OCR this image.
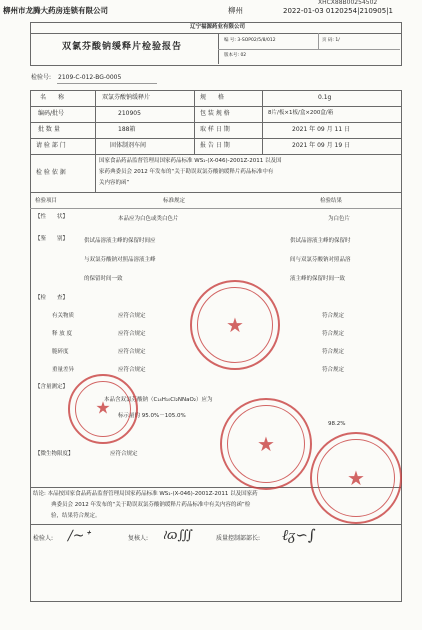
柳州市龙腾大药房连锁有限公司	柳州
XHCX88B002545​02
2022-01-03 0120254|210905|1
辽宁福源药业有限公司
双氯芬酸钠缓释片检验报告
编 号: 3-SOP02/5/8/012	页 码: 1/
版本号: 02
检验号: 2109-C-012-BG-0005
名　　称	双氯芬酸钠缓释片	规　　格	0.1g
编码/批号	210905	包 装 规 格	8片/板×1板/盒×200盒/箱
批 数 量	188箱	取 样 日 期	2021 年 09 月 11 日
请 验 部 门	固体制剂车间	报 告 日 期	2021 年 09 月 19 日
检 验 依 据
国家食品药品监督管理局国家药品标准 WS₁-(X-046)-2001Z-2011 以及国
家药典委员会 2012 年发布的“关于勘误双氯芬酸钠缓释片药品标准中有
关内容的函”
检验项目	标准规定	检验结果
【性　　状】	本品应为白色或类白色片	为白色片
【鉴　　别】	供试品溶液主峰的保留时间应
与双氯芬酸钠对照品溶液主峰
的保留时间一致
供试品溶液主峰的保留时
间与双氯芬酸钠对照品溶
液主峰的保留时间一致
【检　　查】
有关物质	应符合规定	符合规定
释 放 度	应符合规定	符合规定
脆碎度	应符合规定	符合规定
重量差异	应符合规定	符合规定
【含量测定】
本品含双氯芬酸钠（C₁₄H₁₀Cl₂NNaO₂）应为
标示量的 95.0%－105.0%
98.2%
【微生物限度】	应符合规定
结论: 本品按国家食品药品监督管理局国家药品标准 WS₁-(X-046)-2001Z-2011 以及国家药
典委员会 2012 年发布的“关于勘误双氯芬酸钠缓释片药品标准中有关内容的函”检
验，结果符合规定。
检验人: ∕~ᐩ	复核人: ≀ɷ∭	质量控制部部长: ℓᵹ∽∫
★
★
★
★
